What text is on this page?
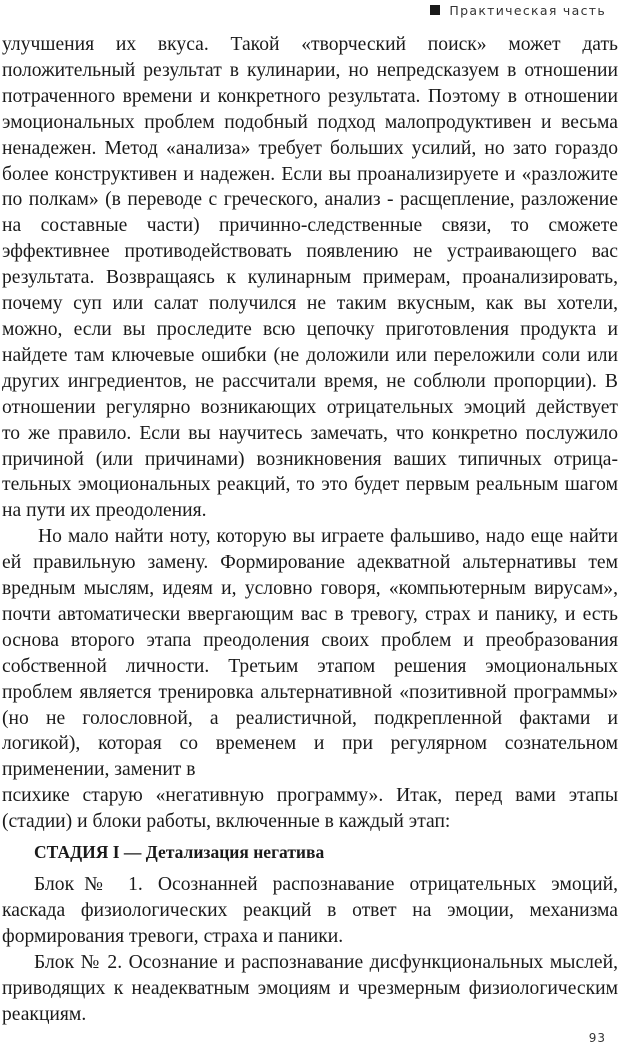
Практическая часть

улучшения их вкуса. Такой «творческий поиск» может дать

положительный результат в кулинарии, но непредсказуем в отношении

потраченного времени и конкретного результата. Поэтому в отношении

эмоциональных проблем подобный подход малопродуктивен и весьма

ненадежен. Метод «анализа» требует больших усилий, но зато гораздо

более конструктивен и надежен. Если вы проанализируете и «разложите

по полкам» (в переводе с греческого, анализ - расщепление, разложение

на составные части) причинно-следственные связи, то сможете

эффективнее противодействовать появлению не устраивающего вас

результата. Возвращаясь к кулинарным примерам, проанализировать,

почему суп или салат получился не таким вкусным, как вы хотели,

можно, если вы проследите всю цепочку приготовления продукта и

найдете там ключевые ошибки (не доложили или переложили соли или

других ингредиентов, не рассчитали время, не соблюли пропорции). В

отношении регулярно возникающих отрицательных эмоций действует

то же правило. Если вы научитесь замечать, что конкретно послужило

причиной (или причинами) возникновения ваших типичных отрица-

тельных эмоциональных реакций, то это будет первым реальным шагом

на пути их преодоления.

Но мало найти ноту, которую вы играете фальшиво, надо еще найти

ей правильную замену. Формирование адекватной альтернативы тем

вредным мыслям, идеям и, условно говоря, «компьютерным вирусам»,

почти автоматически ввергающим вас в тревогу, страх и панику, и есть

основа второго этапа преодоления своих проблем и преобразования

собственной личности. Третьим этапом решения эмоциональных

проблем является тренировка альтернативной «позитивной программы»

(но не голословной, а реалистичной, подкрепленной фактами и

логикой), которая со временем и при регулярном сознательном

применении, заменит в

психике старую «негативную программу». Итак, перед вами этапы

(стадии) и блоки работы, включенные в каждый этап:

СТАДИЯ I — Детализация негатива

Блок№ 1. Осознанней распознавание отрицательных эмоций,

каскада физиологических реакций в ответ на эмоции, механизма

формирования тревоги, страха и паники.

Блок № 2. Осознание и распознавание дисфункциональных мыслей,

приводящих к неадекватным эмоциям и чрезмерным физиологическим

реакциям.

93
